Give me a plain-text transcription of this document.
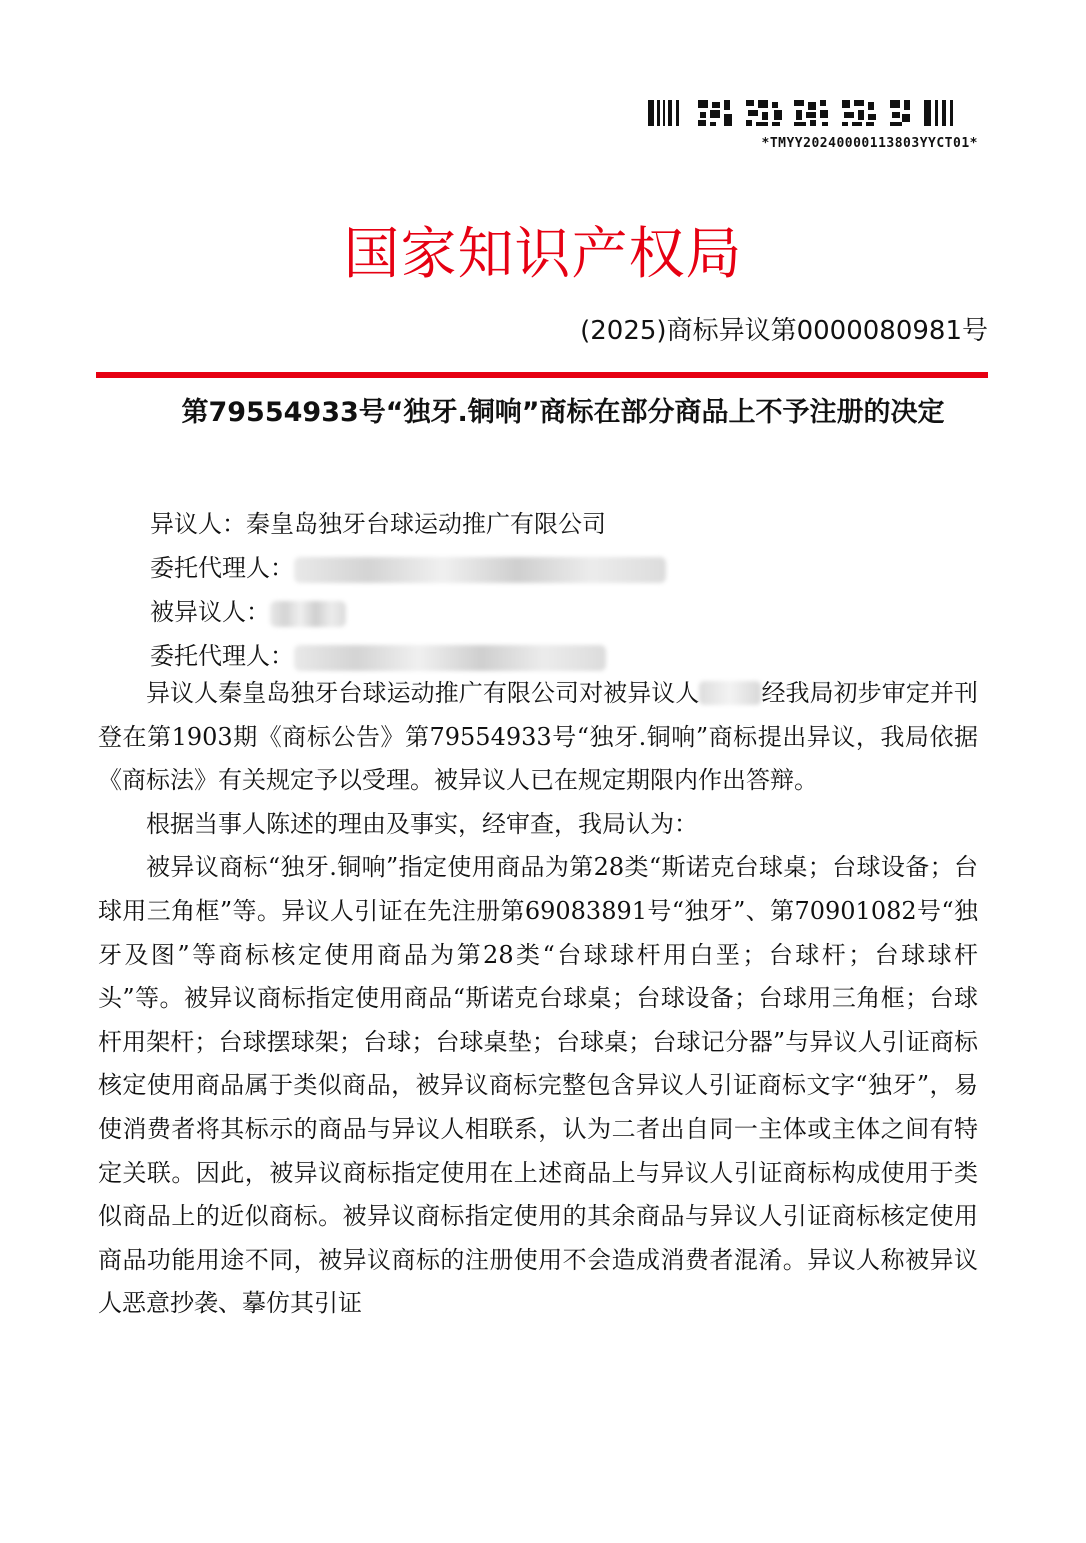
*TMYY20240000113803YYCT01*
国家知识产权局
(2025)商标异议第0000080981号
第79554933号“独牙.铜响”商标在部分商品上不予注册的决定
异议人：秦皇岛独牙台球运动推广有限公司
委托代理人：
被异议人：
委托代理人：

异议人秦皇岛独牙台球运动推广有限公司对被异议人	经我局初步审定并刊登在第1903期《商标公告》第79554933号“独牙.铜响”商标提出异议，我局依据《商标法》有关规定予以受理。被异议人已在规定期限内作出答辩。

根据当事人陈述的理由及事实，经审查，我局认为：

被异议商标“独牙.铜响”指定使用商品为第28类“斯诺克台球桌；台球设备；台球用三角框”等。异议人引证在先注册第69083891号“独牙”、第70901082号“独牙及图”等商标核定使用商品为第28类“台球球杆用白垩；台球杆；台球球杆头”等。被异议商标指定使用商品“斯诺克台球桌；台球设备；台球用三角框；台球杆用架杆；台球摆球架；台球；台球桌垫；台球桌；台球记分器”与异议人引证商标核定使用商品属于类似商品，被异议商标完整包含异议人引证商标文字“独牙”，易使消费者将其标示的商品与异议人相联系，认为二者出自同一主体或主体之间有特定关联。因此，被异议商标指定使用在上述商品上与异议人引证商标构成使用于类似商品上的近似商标。被异议商标指定使用的其余商品与异议人引证商标核定使用商品功能用途不同，被异议商标的注册使用不会造成消费者混淆。异议人称被异议人恶意抄袭、摹仿其引证
